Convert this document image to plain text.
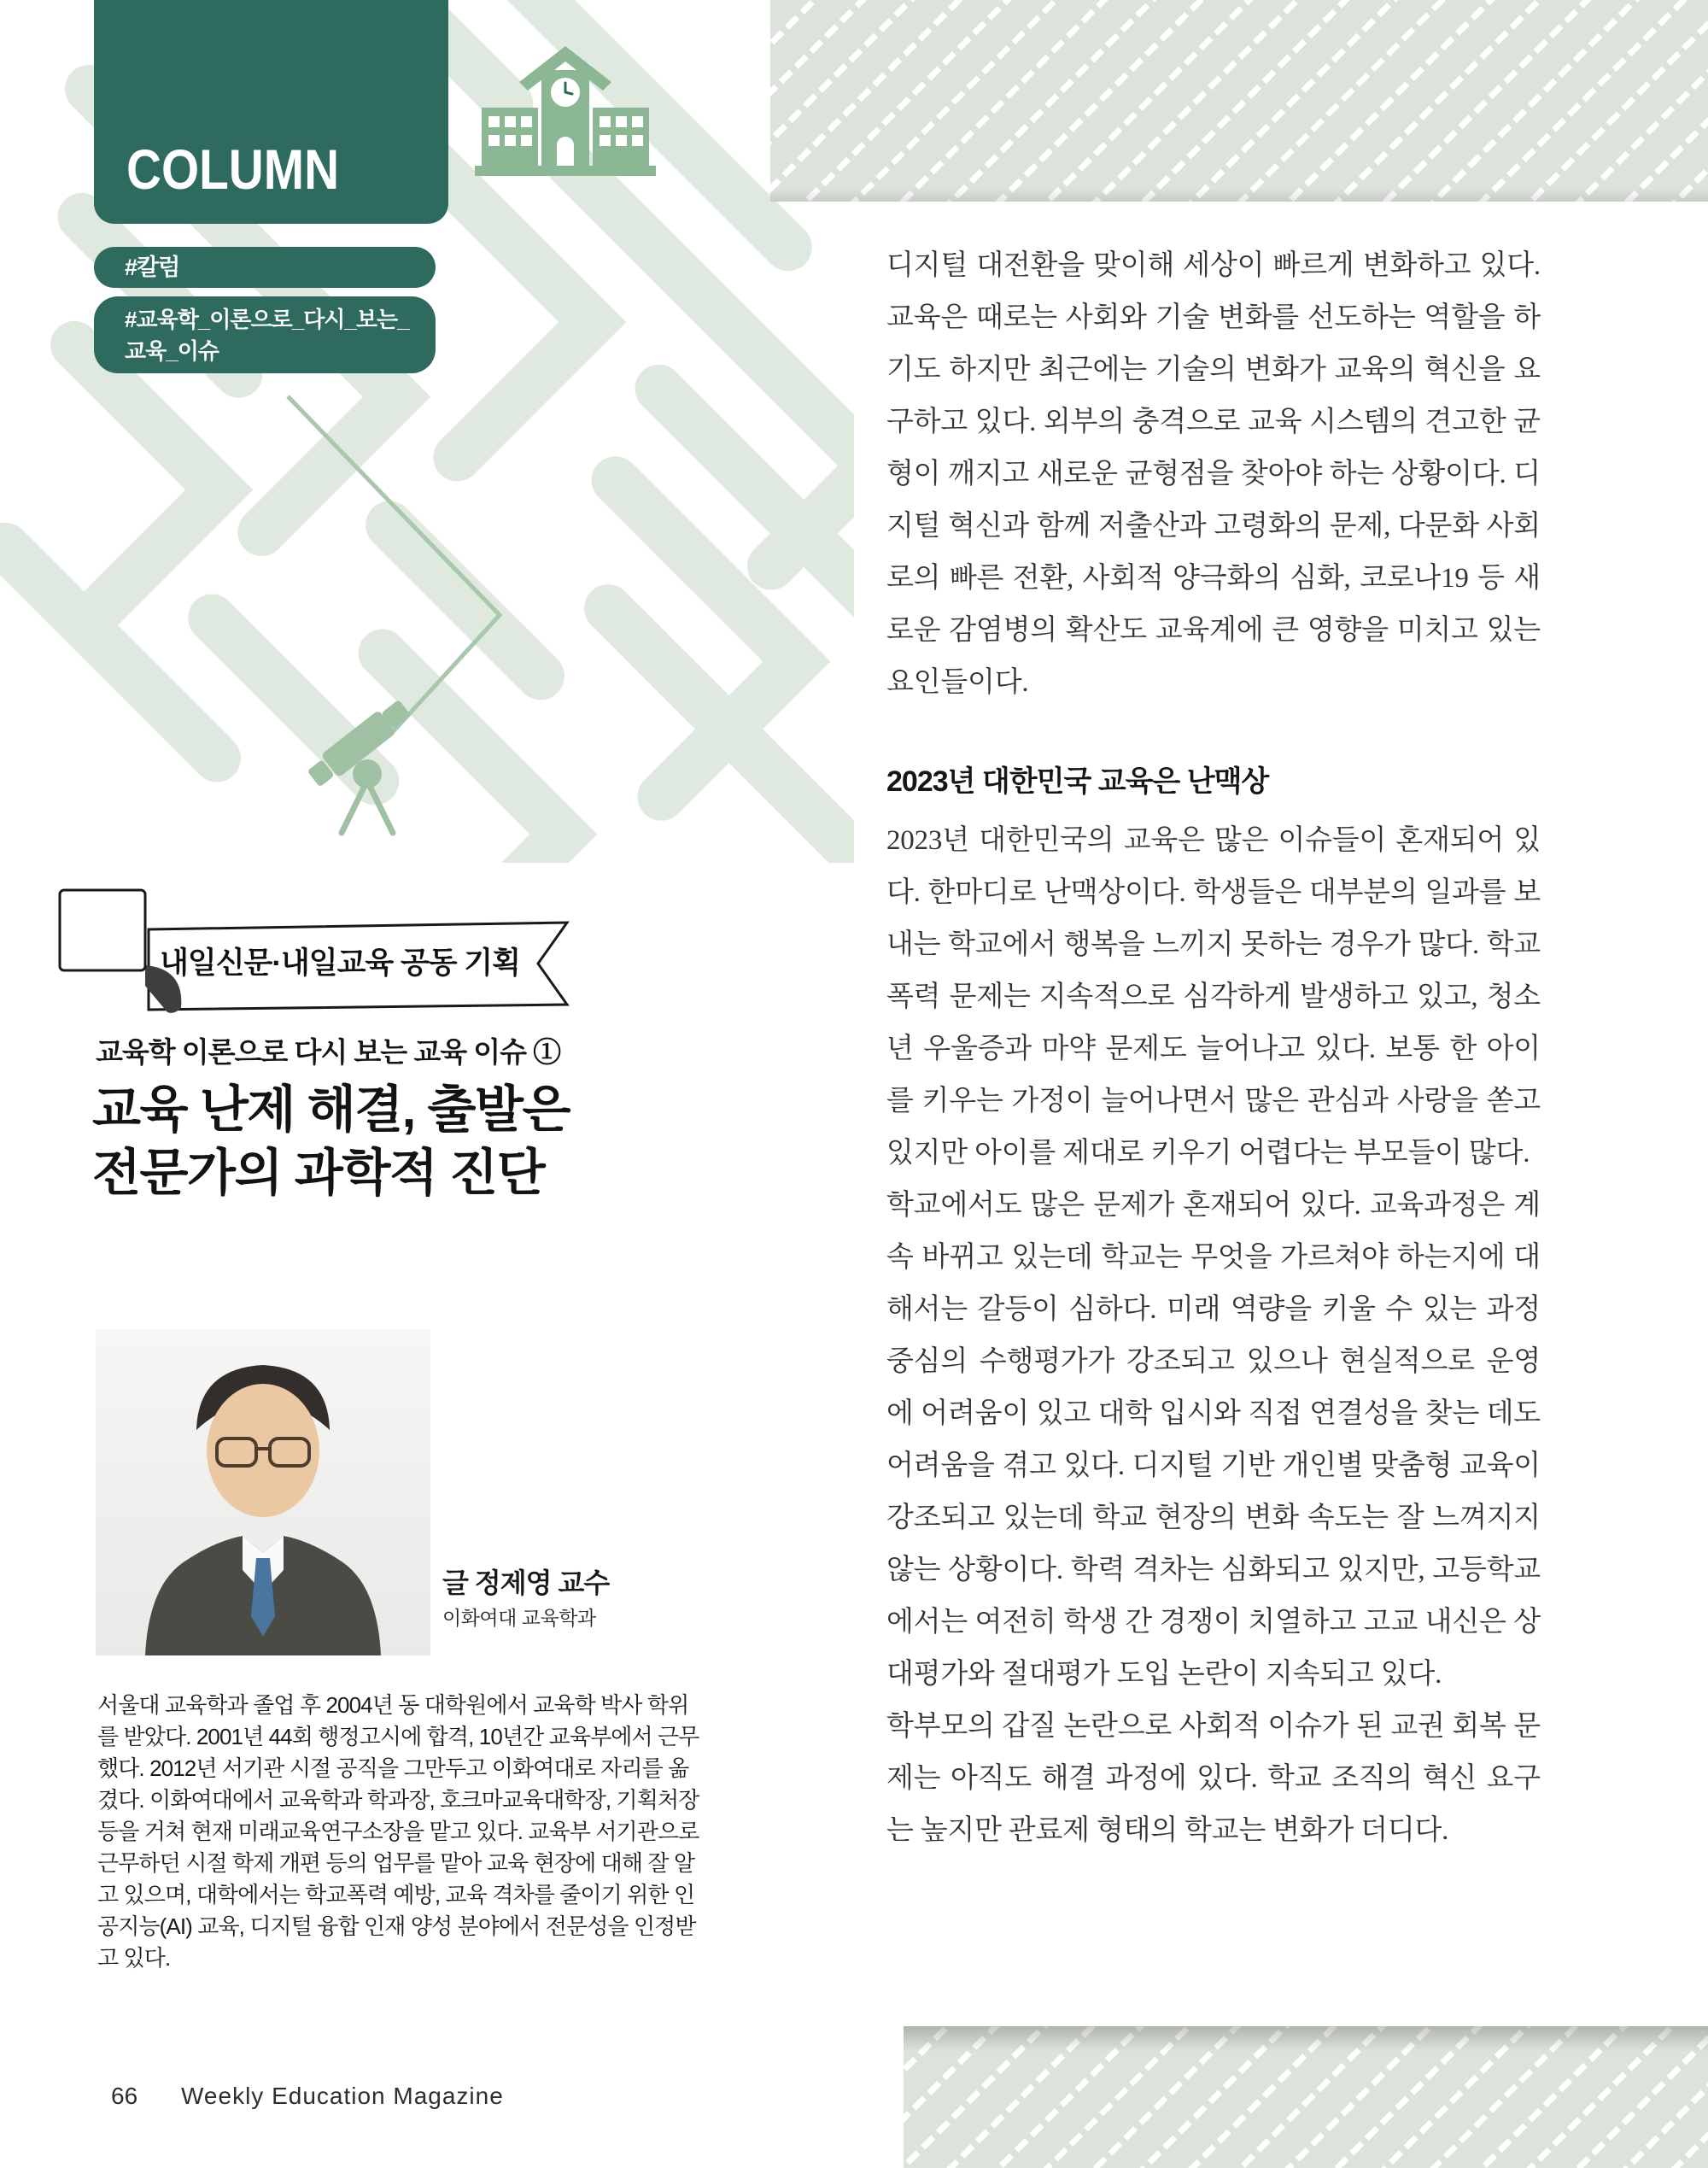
COLUMN
#칼럼
#교육학_이론으로_다시_보는_
교육_이슈
내일신문·내일교육 공동 기획
교육학 이론으로 다시 보는 교육 이슈 ①
교육 난제 해결, 출발은
전문가의 과학적 진단
글 정제영 교수
이화여대 교육학과
서울대 교육학과 졸업 후 2004년 동 대학원에서 교육학 박사 학위를 받았다. 2001년 44회 행정고시에 합격, 10년간 교육부에서 근무했다. 2012년 서기관 시절 공직을 그만두고 이화여대로 자리를 옮겼다. 이화여대에서 교육학과 학과장, 호크마교육대학장, 기획처장 등을 거쳐 현재 미래교육연구소장을 맡고 있다. 교육부 서기관으로 근무하던 시절 학제 개편 등의 업무를 맡아 교육 현장에 대해 잘 알고 있으며, 대학에서는 학교폭력 예방, 교육 격차를 줄이기 위한 인공지능(AI) 교육, 디지털 융합 인재 양성 분야에서 전문성을 인정받고 있다.

디지털 대전환을 맞이해 세상이 빠르게 변화하고 있다. 교육은 때로는 사회와 기술 변화를 선도하는 역할을 하기도 하지만 최근에는 기술의 변화가 교육의 혁신을 요구하고 있다. 외부의 충격으로 교육 시스템의 견고한 균형이 깨지고 새로운 균형점을 찾아야 하는 상황이다. 디지털 혁신과 함께 저출산과 고령화의 문제, 다문화 사회로의 빠른 전환, 사회적 양극화의 심화, 코로나19 등 새로운 감염병의 확산도 교육계에 큰 영향을 미치고 있는 요인들이다.

2023년 대한민국 교육은 난맥상

2023년 대한민국의 교육은 많은 이슈들이 혼재되어 있다. 한마디로 난맥상이다. 학생들은 대부분의 일과를 보내는 학교에서 행복을 느끼지 못하는 경우가 많다. 학교폭력 문제는 지속적으로 심각하게 발생하고 있고, 청소년 우울증과 마약 문제도 늘어나고 있다. 보통 한 아이를 키우는 가정이 늘어나면서 많은 관심과 사랑을 쏟고 있지만 아이를 제대로 키우기 어렵다는 부모들이 많다.

학교에서도 많은 문제가 혼재되어 있다. 교육과정은 계속 바뀌고 있는데 학교는 무엇을 가르쳐야 하는지에 대해서는 갈등이 심하다. 미래 역량을 키울 수 있는 과정 중심의 수행평가가 강조되고 있으나 현실적으로 운영에 어려움이 있고 대학 입시와 직접 연결성을 찾는 데도 어려움을 겪고 있다. 디지털 기반 개인별 맞춤형 교육이 강조되고 있는데 학교 현장의 변화 속도는 잘 느껴지지 않는 상황이다. 학력 격차는 심화되고 있지만, 고등학교에서는 여전히 학생 간 경쟁이 치열하고 고교 내신은 상대평가와 절대평가 도입 논란이 지속되고 있다.

학부모의 갑질 논란으로 사회적 이슈가 된 교권 회복 문제는 아직도 해결 과정에 있다. 학교 조직의 혁신 요구는 높지만 관료제 형태의 학교는 변화가 더디다.

66 Weekly Education Magazine
